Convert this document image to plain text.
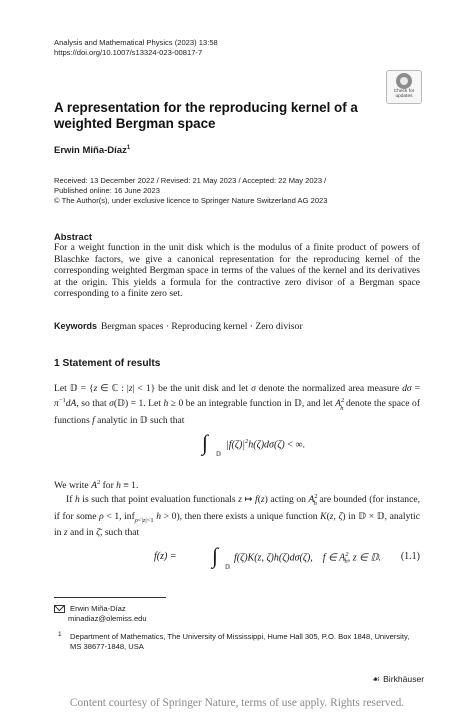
Analysis and Mathematical Physics (2023) 13:58
https://doi.org/10.1007/s13324-023-00817-7
Check for
updates
A representation for the reproducing kernel of a weighted Bergman space
Erwin Miña-Díaz$^1$
Received: 13 December 2022 / Revised: 21 May 2023 / Accepted: 22 May 2023 /
Published online: 16 June 2023
© The Author(s), under exclusive licence to Springer Nature Switzerland AG 2023
Abstract
For a weight function in the unit disk which is the modulus of a finite product of powers of Blaschke factors, we give a canonical representation for the reproducing kernel of the corresponding weighted Bergman space in terms of the values of the kernel and its derivatives at the origin. This yields a formula for the contractive zero divisor of a Bergman space corresponding to a finite zero set.
Keywords Bergman spaces · Reproducing kernel · Zero divisor
1 Statement of results
Let 𝔻 = {z ∈ ℂ : |z| < 1} be the unit disk and let σ denote the normalized area measure $d\sigma = \pi^{-1}dA$, so that σ(𝔻) = 1. Let h ≥ 0 be an integrable function in 𝔻, and let $A^2_h$ denote the space of functions f analytic in 𝔻 such that
∫ 𝔻
$|f(\zeta)|^2h(\zeta)d\sigma(\zeta)$ < ∞.
We write $A^2$ for h ≡ 1.
If h is such that point evaluation functionals z ↦ f(z) acting on $A^2_h$ are bounded (for instance, if for some ρ < 1, inf$_{\rho<|z|<1}$ h > 0), then there exists a unique function K(z, ζ) in 𝔻 × 𝔻, analytic in z and in ζ̄, such that
f(z) = ∫ 𝔻
f(ζ)K(z, ζ)h(ζ)dσ(ζ),    f ∈ $A^2_h$, z ∈ 𝔻. (1.1)
Erwin Miña-Díaz
minadiaz@olemiss.edu
1 Department of Mathematics, The University of Mississippi, Hume Hall 305, P.O. Box 1848, University, MS 38677-1848, USA
☙ Birkhäuser
Content courtesy of Springer Nature, terms of use apply. Rights reserved.
